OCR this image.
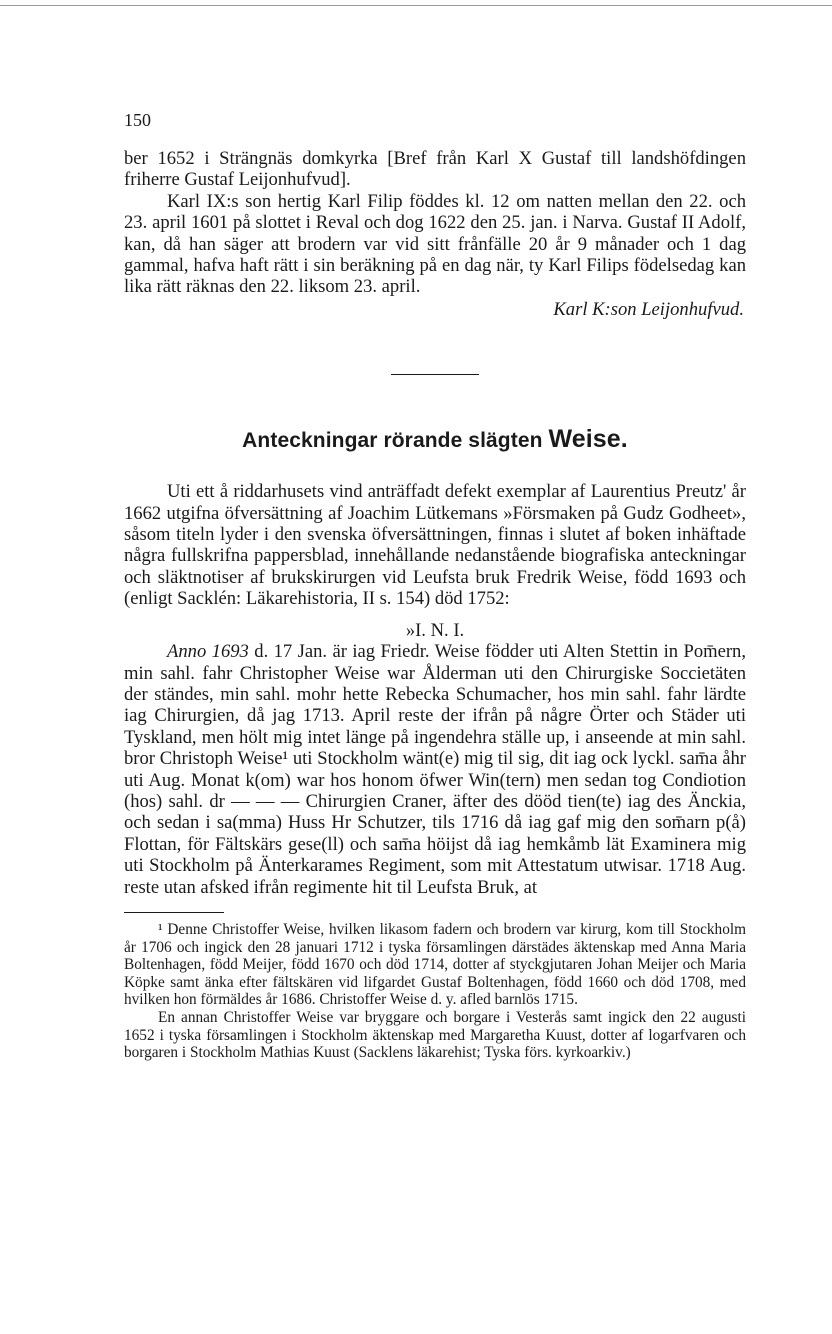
150

ber 1652 i Strängnäs domkyrka [Bref från Karl X Gustaf till landshöfdingen friherre Gustaf Leijonhufvud].

Karl IX:s son hertig Karl Filip föddes kl. 12 om natten mellan den 22. och 23. april 1601 på slottet i Reval och dog 1622 den 25. jan. i Narva. Gustaf II Adolf, kan, då han säger att brodern var vid sitt frånfälle 20 år 9 månader och 1 dag gammal, hafva haft rätt i sin beräkning på en dag när, ty Karl Filips födelsedag kan lika rätt räknas den 22. liksom 23. april.

Karl K:son Leijonhufvud.
Anteckningar rörande slägten Weise.

Uti ett å riddarhusets vind anträffadt defekt exemplar af Laurentius Preutz' år 1662 utgifna öfversättning af Joachim Lütkemans »Försmaken på Gudz Godheet», såsom titeln lyder i den svenska öfversättningen, finnas i slutet af boken inhäftade några fullskrifna pappersblad, innehållande nedanstående biografiska anteckningar och släktnotiser af brukskirurgen vid Leufsta bruk Fredrik Weise, född 1693 och (enligt Sacklén: Läkarehistoria, II s. 154) död 1752:

»I. N. I.

Anno 1693 d. 17 Jan. är iag Friedr. Weise födder uti Alten Stettin in Pom̄ern, min sahl. fahr Christopher Weise war Ålderman uti den Chirurgiske Soccietäten der ständes, min sahl. mohr hette Rebecka Schumacher, hos min sahl. fahr lärdte iag Chirurgien, då jag 1713. April reste der ifrån på någre Örter och Städer uti Tyskland, men hölt mig intet länge på ingendehra ställe up, i anseende at min sahl. bror Christoph Weise¹ uti Stockholm wänt(e) mig til sig, dit iag ock lyckl. sam̄a åhr uti Aug. Monat k(om) war hos honom öfwer Win(tern) men sedan tog Condiotion (hos) sahl. dr — — — Chirurgien Craner, äfter des dööd tien(te) iag des Änckia, och sedan i sa(mma) Huss Hr Schutzer, tils 1716 då iag gaf mig den som̄arn p(å) Flottan, för Fältskärs gese(ll) och sam̄a höijst då iag hemkåmb lät Examinera mig uti Stockholm på Änterkarames Regiment, som mit Attestatum utwisar. 1718 Aug. reste utan afsked ifrån regimente hit til Leufsta Bruk, at

¹ Denne Christoffer Weise, hvilken likasom fadern och brodern var kirurg, kom till Stockholm år 1706 och ingick den 28 januari 1712 i tyska församlingen därstädes äktenskap med Anna Maria Boltenhagen, född Meijer, född 1670 och död 1714, dotter af styckgjutaren Johan Meijer och Maria Köpke samt änka efter fältskären vid lifgardet Gustaf Boltenhagen, född 1660 och död 1708, med hvilken hon förmäldes år 1686. Christoffer Weise d. y. afled barnlös 1715.

En annan Christoffer Weise var bryggare och borgare i Vesterås samt ingick den 22 augusti 1652 i tyska församlingen i Stockholm äktenskap med Margaretha Kuust, dotter af logarfvaren och borgaren i Stockholm Mathias Kuust (Sacklens läkarehist; Tyska förs. kyrkoarkiv.)
